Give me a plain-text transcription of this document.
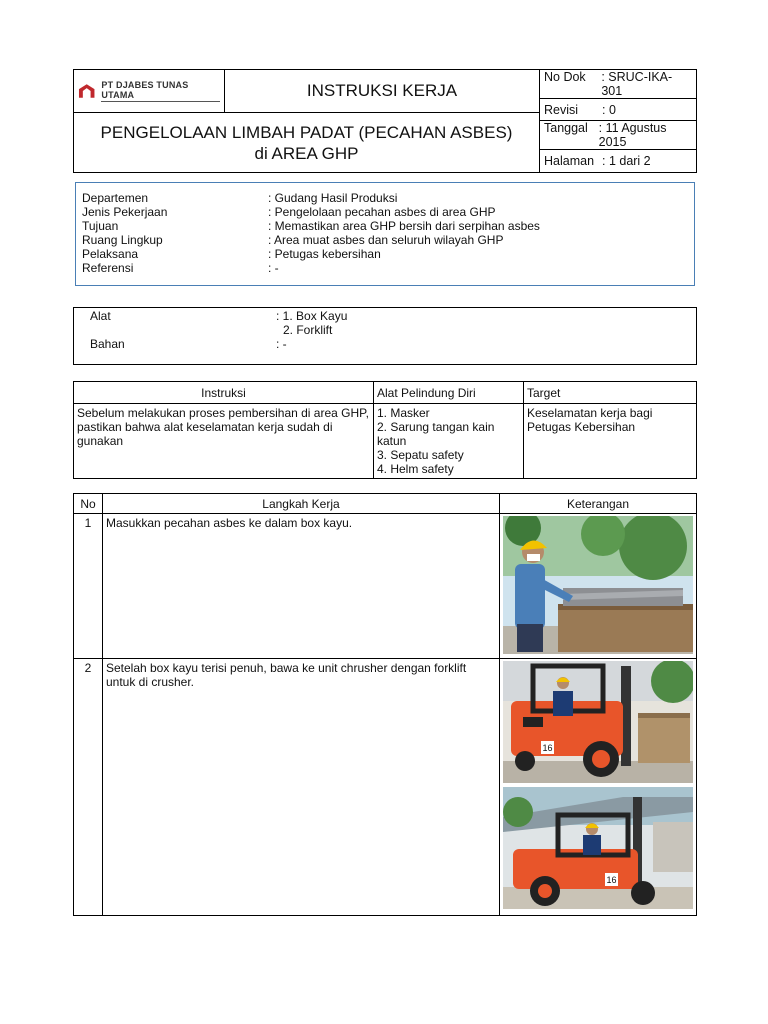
PT DJABES TUNAS UTAMA	INSTRUKSI KERJA	
No Dok	: SRUC-IKA-301

Revisi	: 0

Tanggal : 11 Agustus 2015

Halaman : 1 dari 2

PENGELOLAAN LIMBAH PADAT (PECAHAN ASBES)
di AREA GHP
Departemen	: Gudang Hasil Produksi
Jenis Pekerjaan	: Pengelolaan pecahan asbes di area GHP
Tujuan	: Memastikan area GHP bersih dari serpihan asbes
Ruang Lingkup	: Area muat asbes dan seluruh wilayah GHP
Pelaksana	: Petugas kebersihan
Referensi	: -
Alat	: 1. Box Kayu
2. Forklift
Bahan	: -
Instruksi	Alat Pelindung Diri	Target
Sebelum melakukan proses pembersihan di area GHP, pastikan bahwa alat keselamatan kerja sudah di gunakan	1. Masker
2. Sarung tangan kain katun
3. Sepatu safety
4. Helm safety	Keselamatan kerja bagi Petugas Kebersihan
No	Langkah Kerja	Keterangan
1	Masukkan pecahan asbes ke dalam box kayu.	

2	Setelah box kayu terisi penuh, bawa ke unit chrusher dengan forklift untuk di crusher.	16
16
